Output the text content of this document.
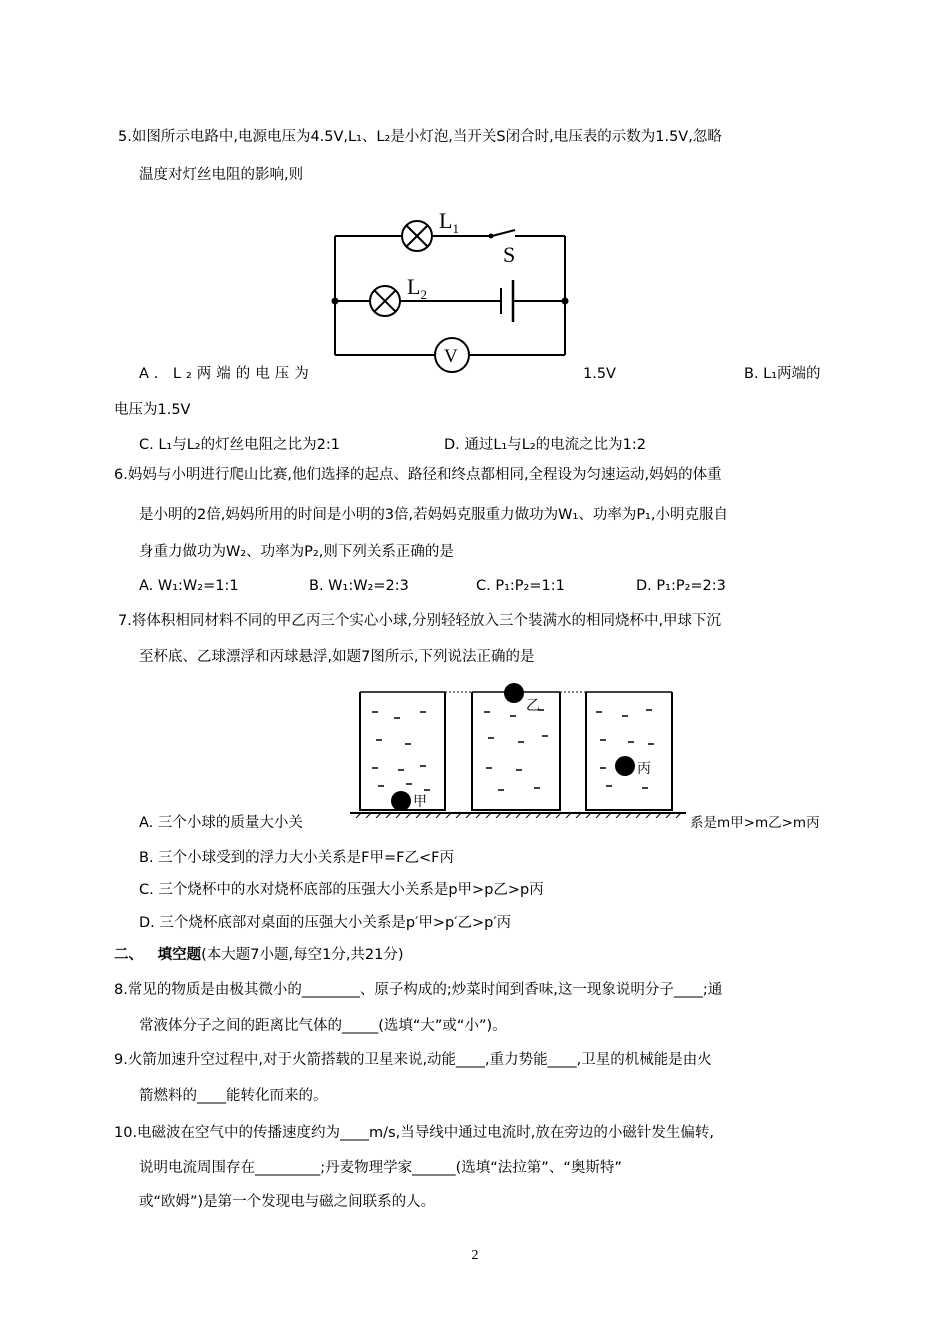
5.如图所示电路中,电源电压为4.5V,L₁、L₂是小灯泡,当开关S闭合时,电压表的示数为1.5V,忽略
温度对灯丝电阻的影响,则
$L_1$
$L_2$
S
V
A. L₂两端的电压为	1.5V	B. L₁两端的
电压为1.5V
C. L₁与L₂的灯丝电阻之比为2:1	D. 通过L₁与L₂的电流之比为1:2
6.妈妈与小明进行爬山比赛,他们选择的起点、路径和终点都相同,全程设为匀速运动,妈妈的体重
是小明的2倍,妈妈所用的时间是小明的3倍,若妈妈克服重力做功为W₁、功率为P₁,小明克服自
身重力做功为W₂、功率为P₂,则下列关系正确的是
A. W₁:W₂=1:1	B. W₁:W₂=2:3	C. P₁:P₂=1:1	D. P₁:P₂=2:3
7.将体积相同材料不同的甲乙丙三个实心小球,分别轻轻放入三个装满水的相同烧杯中,甲球下沉
至杯底、乙球漂浮和丙球悬浮,如题7图所示,下列说法正确的是
甲
乙
丙
A. 三个小球的质量大小关	系是m甲>m乙>m丙
B. 三个小球受到的浮力大小关系是F甲=F乙<F丙
C. 三个烧杯中的水对烧杯底部的压强大小关系是p甲>p乙>p丙
D. 三个烧杯底部对桌面的压强大小关系是p′甲>p′乙>p′丙
二、 填空题(本大题7小题,每空1分,共21分)
8.常见的物质是由极其微小的________、原子构成的;炒菜时闻到香味,这一现象说明分子____;通
常液体分子之间的距离比气体的_____(选填“大”或“小”)。
9.火箭加速升空过程中,对于火箭搭载的卫星来说,动能____,重力势能____,卫星的机械能是由火
箭燃料的____能转化而来的。
10.电磁波在空气中的传播速度约为____m/s,当导线中通过电流时,放在旁边的小磁针发生偏转,
说明电流周围存在_________;丹麦物理学家______(选填“法拉第”、“奥斯特”
或“欧姆”)是第一个发现电与磁之间联系的人。
2
